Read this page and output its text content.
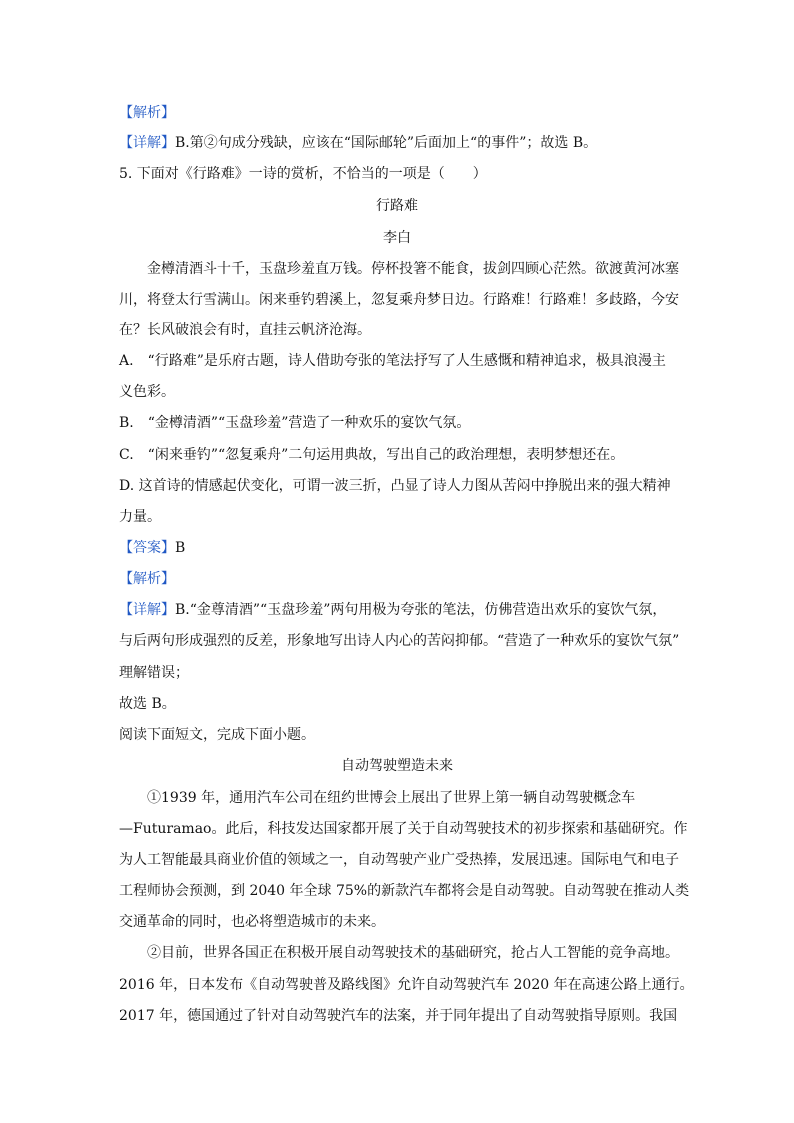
【解析】
【详解】B.第②句成分残缺，应该在“国际邮轮”后面加上“的事件”；故选 B。
5. 下面对《行路难》一诗的赏析，不恰当的一项是（　　）
行路难
李白
金樽清酒斗十千，玉盘珍羞直万钱。停杯投箸不能食，拔剑四顾心茫然。欲渡黄河冰塞
川，将登太行雪满山。闲来垂钓碧溪上，忽复乘舟梦日边。行路难！行路难！多歧路，今安
在？长风破浪会有时，直挂云帆济沧海。
A.　“行路难”是乐府古题，诗人借助夸张的笔法抒写了人生感慨和精神追求，极具浪漫主
义色彩。
B.　“金樽清酒”“玉盘珍羞”营造了一种欢乐的宴饮气氛。
C.　“闲来垂钓”“忽复乘舟”二句运用典故，写出自己的政治理想，表明梦想还在。
D. 这首诗的情感起伏变化，可谓一波三折，凸显了诗人力图从苦闷中挣脱出来的强大精神
力量。
【答案】B
【解析】
【详解】B.“金尊清酒”“玉盘珍羞”两句用极为夸张的笔法，仿佛营造出欢乐的宴饮气氛，
与后两句形成强烈的反差，形象地写出诗人内心的苦闷抑郁。“营造了一种欢乐的宴饮气氛”
理解错误；
故选 B。
阅读下面短文，完成下面小题。
自动驾驶塑造未来
①1939 年，通用汽车公司在纽约世博会上展出了世界上第一辆自动驾驶概念车
—Futuramao。此后，科技发达国家都开展了关于自动驾驶技术的初步探索和基础研究。作
为人工智能最具商业价值的领域之一，自动驾驶产业广受热捧，发展迅速。国际电气和电子
工程师协会预测，到 2040 年全球 75%的新款汽车都将会是自动驾驶。自动驾驶在推动人类
交通革命的同时，也必将塑造城市的未来。
②目前，世界各国正在积极开展自动驾驶技术的基础研究，抢占人工智能的竞争高地。
2016 年，日本发布《自动驾驶普及路线图》允许自动驾驶汽车 2020 年在高速公路上通行。
2017 年，德国通过了针对自动驾驶汽车的法案，并于同年提出了自动驾驶指导原则。我国
